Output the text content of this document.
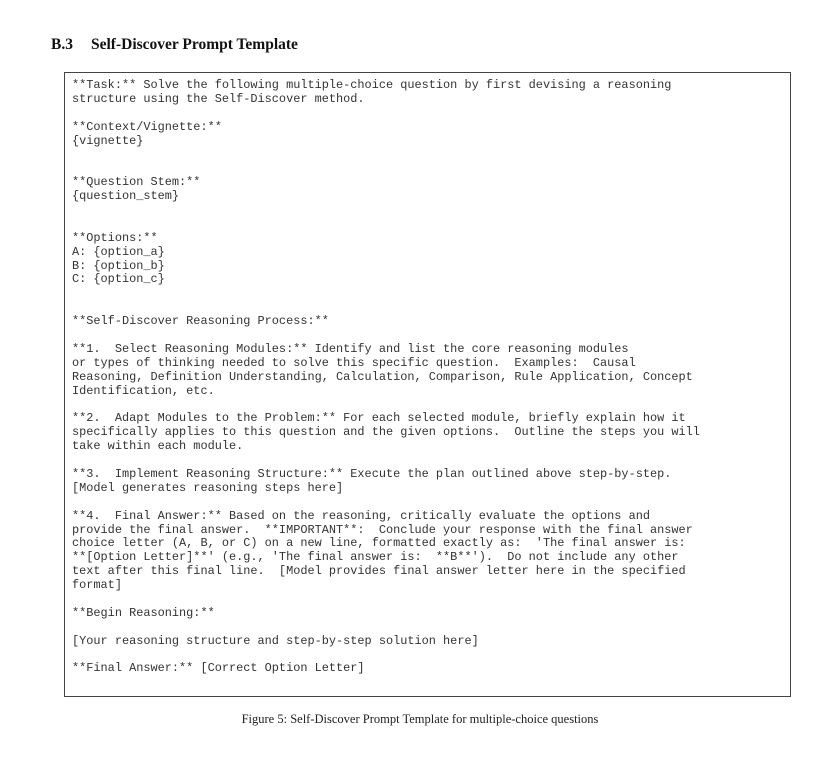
B.3 Self-Discover Prompt Template
**Task:** Solve the following multiple-choice question by first devising a reasoning
structure using the Self-Discover method.
**Context/Vignette:**
{vignette}
**Question Stem:**
{question_stem}
**Options:**
A: {option_a}
B: {option_b}
C: {option_c}
**Self-Discover Reasoning Process:**
**1.  Select Reasoning Modules:** Identify and list the core reasoning modules
or types of thinking needed to solve this specific question.  Examples:  Causal
Reasoning, Definition Understanding, Calculation, Comparison, Rule Application, Concept
Identification, etc.
**2.  Adapt Modules to the Problem:** For each selected module, briefly explain how it
specifically applies to this question and the given options.  Outline the steps you will
take within each module.
**3.  Implement Reasoning Structure:** Execute the plan outlined above step-by-step.
[Model generates reasoning steps here]
**4.  Final Answer:** Based on the reasoning, critically evaluate the options and
provide the final answer.  **IMPORTANT**:  Conclude your response with the final answer
choice letter (A, B, or C) on a new line, formatted exactly as:  'The final answer is:
**[Option Letter]**' (e.g., 'The final answer is:  **B**').  Do not include any other
text after this final line.  [Model provides final answer letter here in the specified
format]
**Begin Reasoning:**
[Your reasoning structure and step-by-step solution here]
**Final Answer:** [Correct Option Letter]
Figure 5: Self-Discover Prompt Template for multiple-choice questions
